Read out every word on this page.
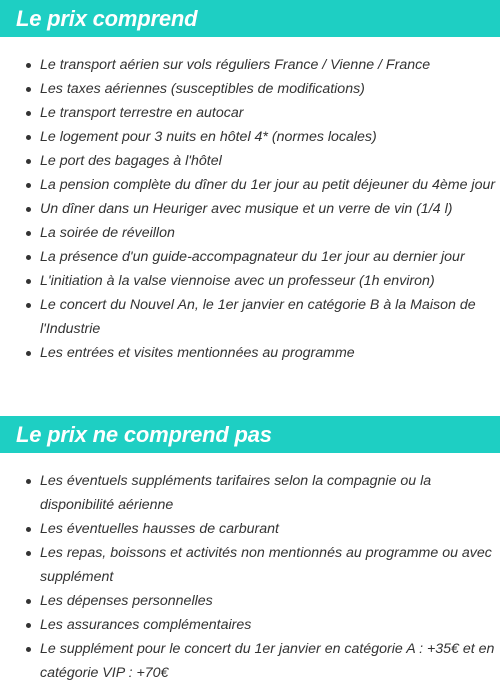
Le prix comprend
Le transport aérien sur vols réguliers France / Vienne / France
Les taxes aériennes (susceptibles de modifications)
Le transport terrestre en autocar
Le logement pour 3 nuits en hôtel 4* (normes locales)
Le port des bagages à l'hôtel
La pension complète du dîner du 1er jour au petit déjeuner du 4ème jour
Un dîner dans un Heuriger avec musique et un verre de vin (1/4 l)
La soirée de réveillon
La présence d'un guide-accompagnateur du 1er jour au dernier jour
L'initiation à la valse viennoise avec un professeur (1h environ)
Le concert du Nouvel An, le 1er janvier en catégorie B à la Maison de l'Industrie
Les entrées et visites mentionnées au programme
Le prix ne comprend pas
Les éventuels suppléments tarifaires selon la compagnie ou la disponibilité aérienne
Les éventuelles hausses de carburant
Les repas, boissons et activités non mentionnés au programme ou avec supplément
Les dépenses personnelles
Les assurances complémentaires
Le supplément pour le concert du 1er janvier en catégorie A : +35€ et en catégorie VIP : +70€
